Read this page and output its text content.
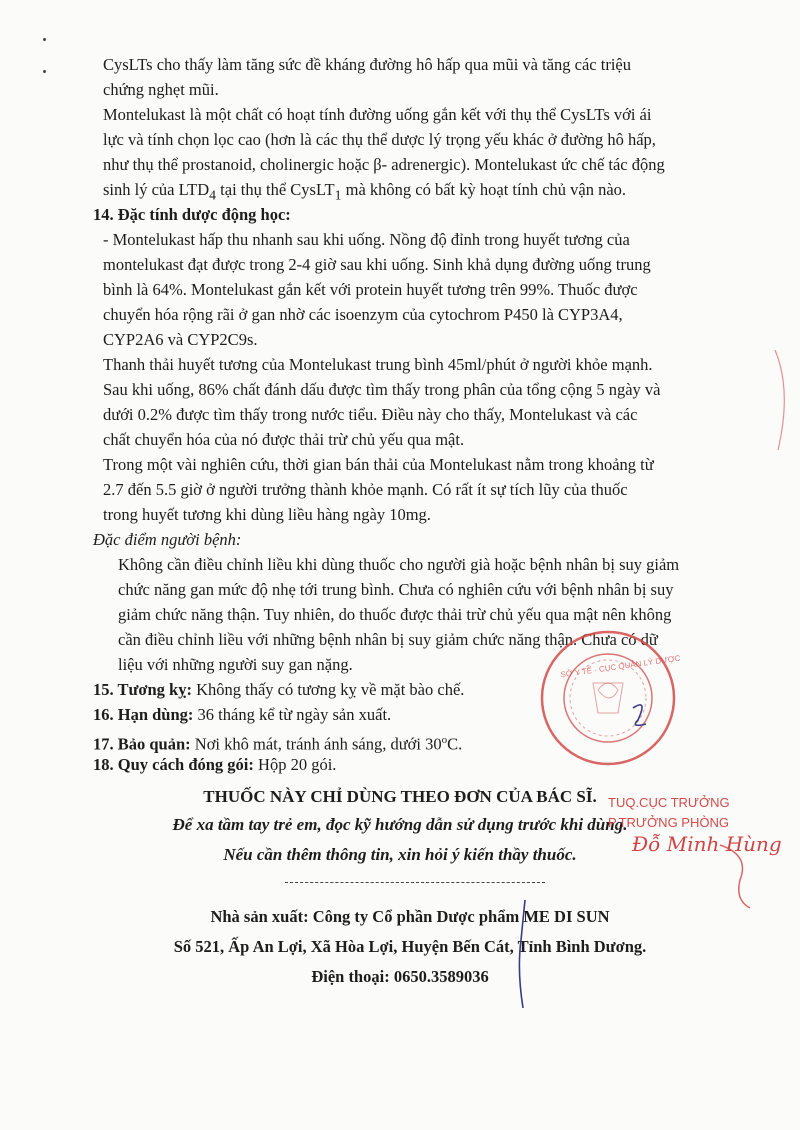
CysLTs cho thấy làm tăng sức đề kháng đường hô hấp qua mũi và tăng các triệu
chứng nghẹt mũi.
Montelukast là một chất có hoạt tính đường uống gắn kết với thụ thể CysLTs với ái
lực và tính chọn lọc cao (hơn là các thụ thể dược lý trọng yếu khác ở đường hô hấp,
như thụ thể prostanoid, cholinergic hoặc β- adrenergic). Montelukast ức chế tác động
sinh lý của $LTD_4$ tại thụ thể CysLT$_1$ mà không có bất kỳ hoạt tính chủ vận nào.
14. Đặc tính dược động học:
- Montelukast hấp thu nhanh sau khi uống. Nồng độ đỉnh trong huyết tương của
montelukast đạt được trong 2-4 giờ sau khi uống. Sinh khả dụng đường uống trung
bình là 64%. Montelukast gắn kết với protein huyết tương trên 99%. Thuốc được
chuyển hóa rộng rãi ở gan nhờ các isoenzym của cytochrom P450 là CYP3A4,
CYP2A6 và CYP2C9s.
Thanh thải huyết tương của Montelukast trung bình 45ml/phút ở người khỏe mạnh.
Sau khi uống, 86% chất đánh dấu được tìm thấy trong phân của tổng cộng 5 ngày và
dưới 0.2% được tìm thấy trong nước tiểu. Điều này cho thấy, Montelukast và các
chất chuyển hóa của nó được thải trừ chủ yếu qua mật.
Trong một vài nghiên cứu, thời gian bán thải của Montelukast nằm trong khoảng từ
2.7 đến 5.5 giờ ở người trưởng thành khỏe mạnh. Có rất ít sự tích lũy của thuốc
trong huyết tương khi dùng liều hàng ngày 10mg.
Đặc điểm người bệnh:
Không cần điều chỉnh liều khi dùng thuốc cho người già hoặc bệnh nhân bị suy giảm
chức năng gan mức độ nhẹ tới trung bình. Chưa có nghiên cứu với bệnh nhân bị suy
giảm chức năng thận. Tuy nhiên, do thuốc được thải trừ chủ yếu qua mật nên không
cần điều chỉnh liều với những bệnh nhân bị suy giảm chức năng thận. Chưa có dữ
liệu với những người suy gan nặng.
15. Tương kỵ: Không thấy có tương kỵ về mặt bào chế.
16. Hạn dùng: 36 tháng kể từ ngày sản xuất.
17. Bảo quản: Nơi khô mát, tránh ánh sáng, dưới 30$^o$C.
18. Quy cách đóng gói: Hộp 20 gói.
SỞ Y TẾ · CỤC QUẢN LÝ DƯỢC
THUỐC NÀY CHỈ DÙNG THEO ĐƠN CỦA BÁC SĨ.
Để xa tầm tay trẻ em, đọc kỹ hướng dẫn sử dụng trước khi dùng.
Nếu cần thêm thông tin, xin hỏi ý kiến thầy thuốc.
TUQ.CỤC TRƯỞNG
P.TRƯỞNG PHÒNG
Đỗ Minh Hùng
Nhà sản xuất: Công ty Cổ phần Dược phẩm ME DI SUN
Số 521, Ấp An Lợi, Xã Hòa Lợi, Huyện Bến Cát, Tỉnh Bình Dương.
Điện thoại: 0650.3589036
